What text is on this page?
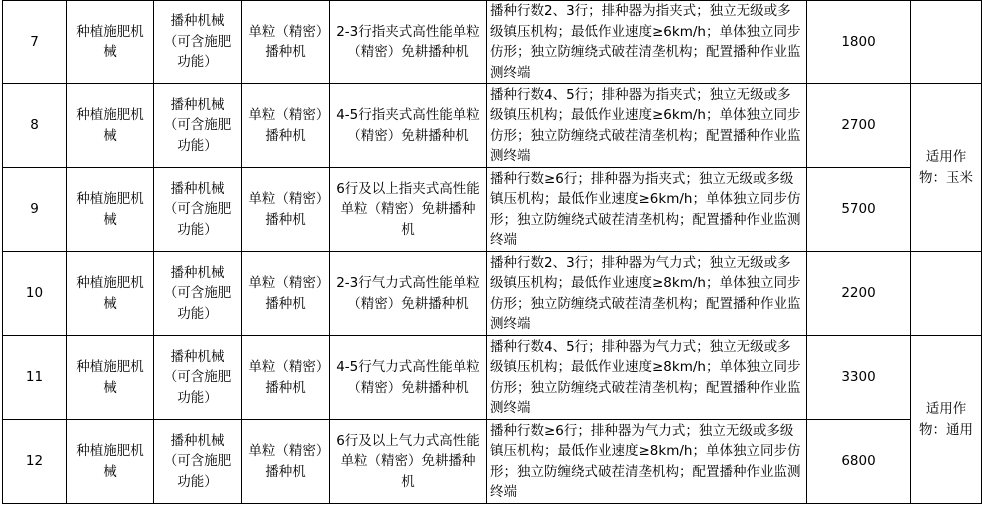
7	种植施肥机械	播种机械（可含施肥功能）	单粒（精密）播种机	2-3行指夹式高性能单粒（精密）免耕播种机	播种行数2、3行；排种器为指夹式；独立无级或多级镇压机构；最低作业速度≥6km/h；单体独立同步仿形；独立防缠绕式破茬清垄机构；配置播种作业监测终端	1800	
8	种植施肥机械	播种机械（可含施肥功能）	单粒（精密）播种机	4-5行指夹式高性能单粒（精密）免耕播种机	播种行数4、5行；排种器为指夹式；独立无级或多级镇压机构；最低作业速度≥6km/h；单体独立同步仿形；独立防缠绕式破茬清垄机构；配置播种作业监测终端	2700	适用作物：玉米
9	种植施肥机械	播种机械（可含施肥功能）	单粒（精密）播种机	6行及以上指夹式高性能单粒（精密）免耕播种机	播种行数≥6行；排种器为指夹式；独立无级或多级镇压机构；最低作业速度≥6km/h；单体独立同步仿形；独立防缠绕式破茬清垄机构；配置播种作业监测终端	5700	
10	种植施肥机械	播种机械（可含施肥功能）	单粒（精密）播种机	2-3行气力式高性能单粒（精密）免耕播种机	播种行数2、3行；排种器为气力式；独立无级或多级镇压机构；最低作业速度≥8km/h；单体独立同步仿形；独立防缠绕式破茬清垄机构；配置播种作业监测终端	2200	
11	种植施肥机械	播种机械（可含施肥功能）	单粒（精密）播种机	4-5行气力式高性能单粒（精密）免耕播种机	播种行数4、5行；排种器为气力式；独立无级或多级镇压机构；最低作业速度≥8km/h；单体独立同步仿形；独立防缠绕式破茬清垄机构；配置播种作业监测终端	3300	适用作物：通用
12	种植施肥机械	播种机械（可含施肥功能）	单粒（精密）播种机	6行及以上气力式高性能单粒（精密）免耕播种机	播种行数≥6行；排种器为气力式；独立无级或多级镇压机构；最低作业速度≥8km/h；单体独立同步仿形；独立防缠绕式破茬清垄机构；配置播种作业监测终端	6800	
